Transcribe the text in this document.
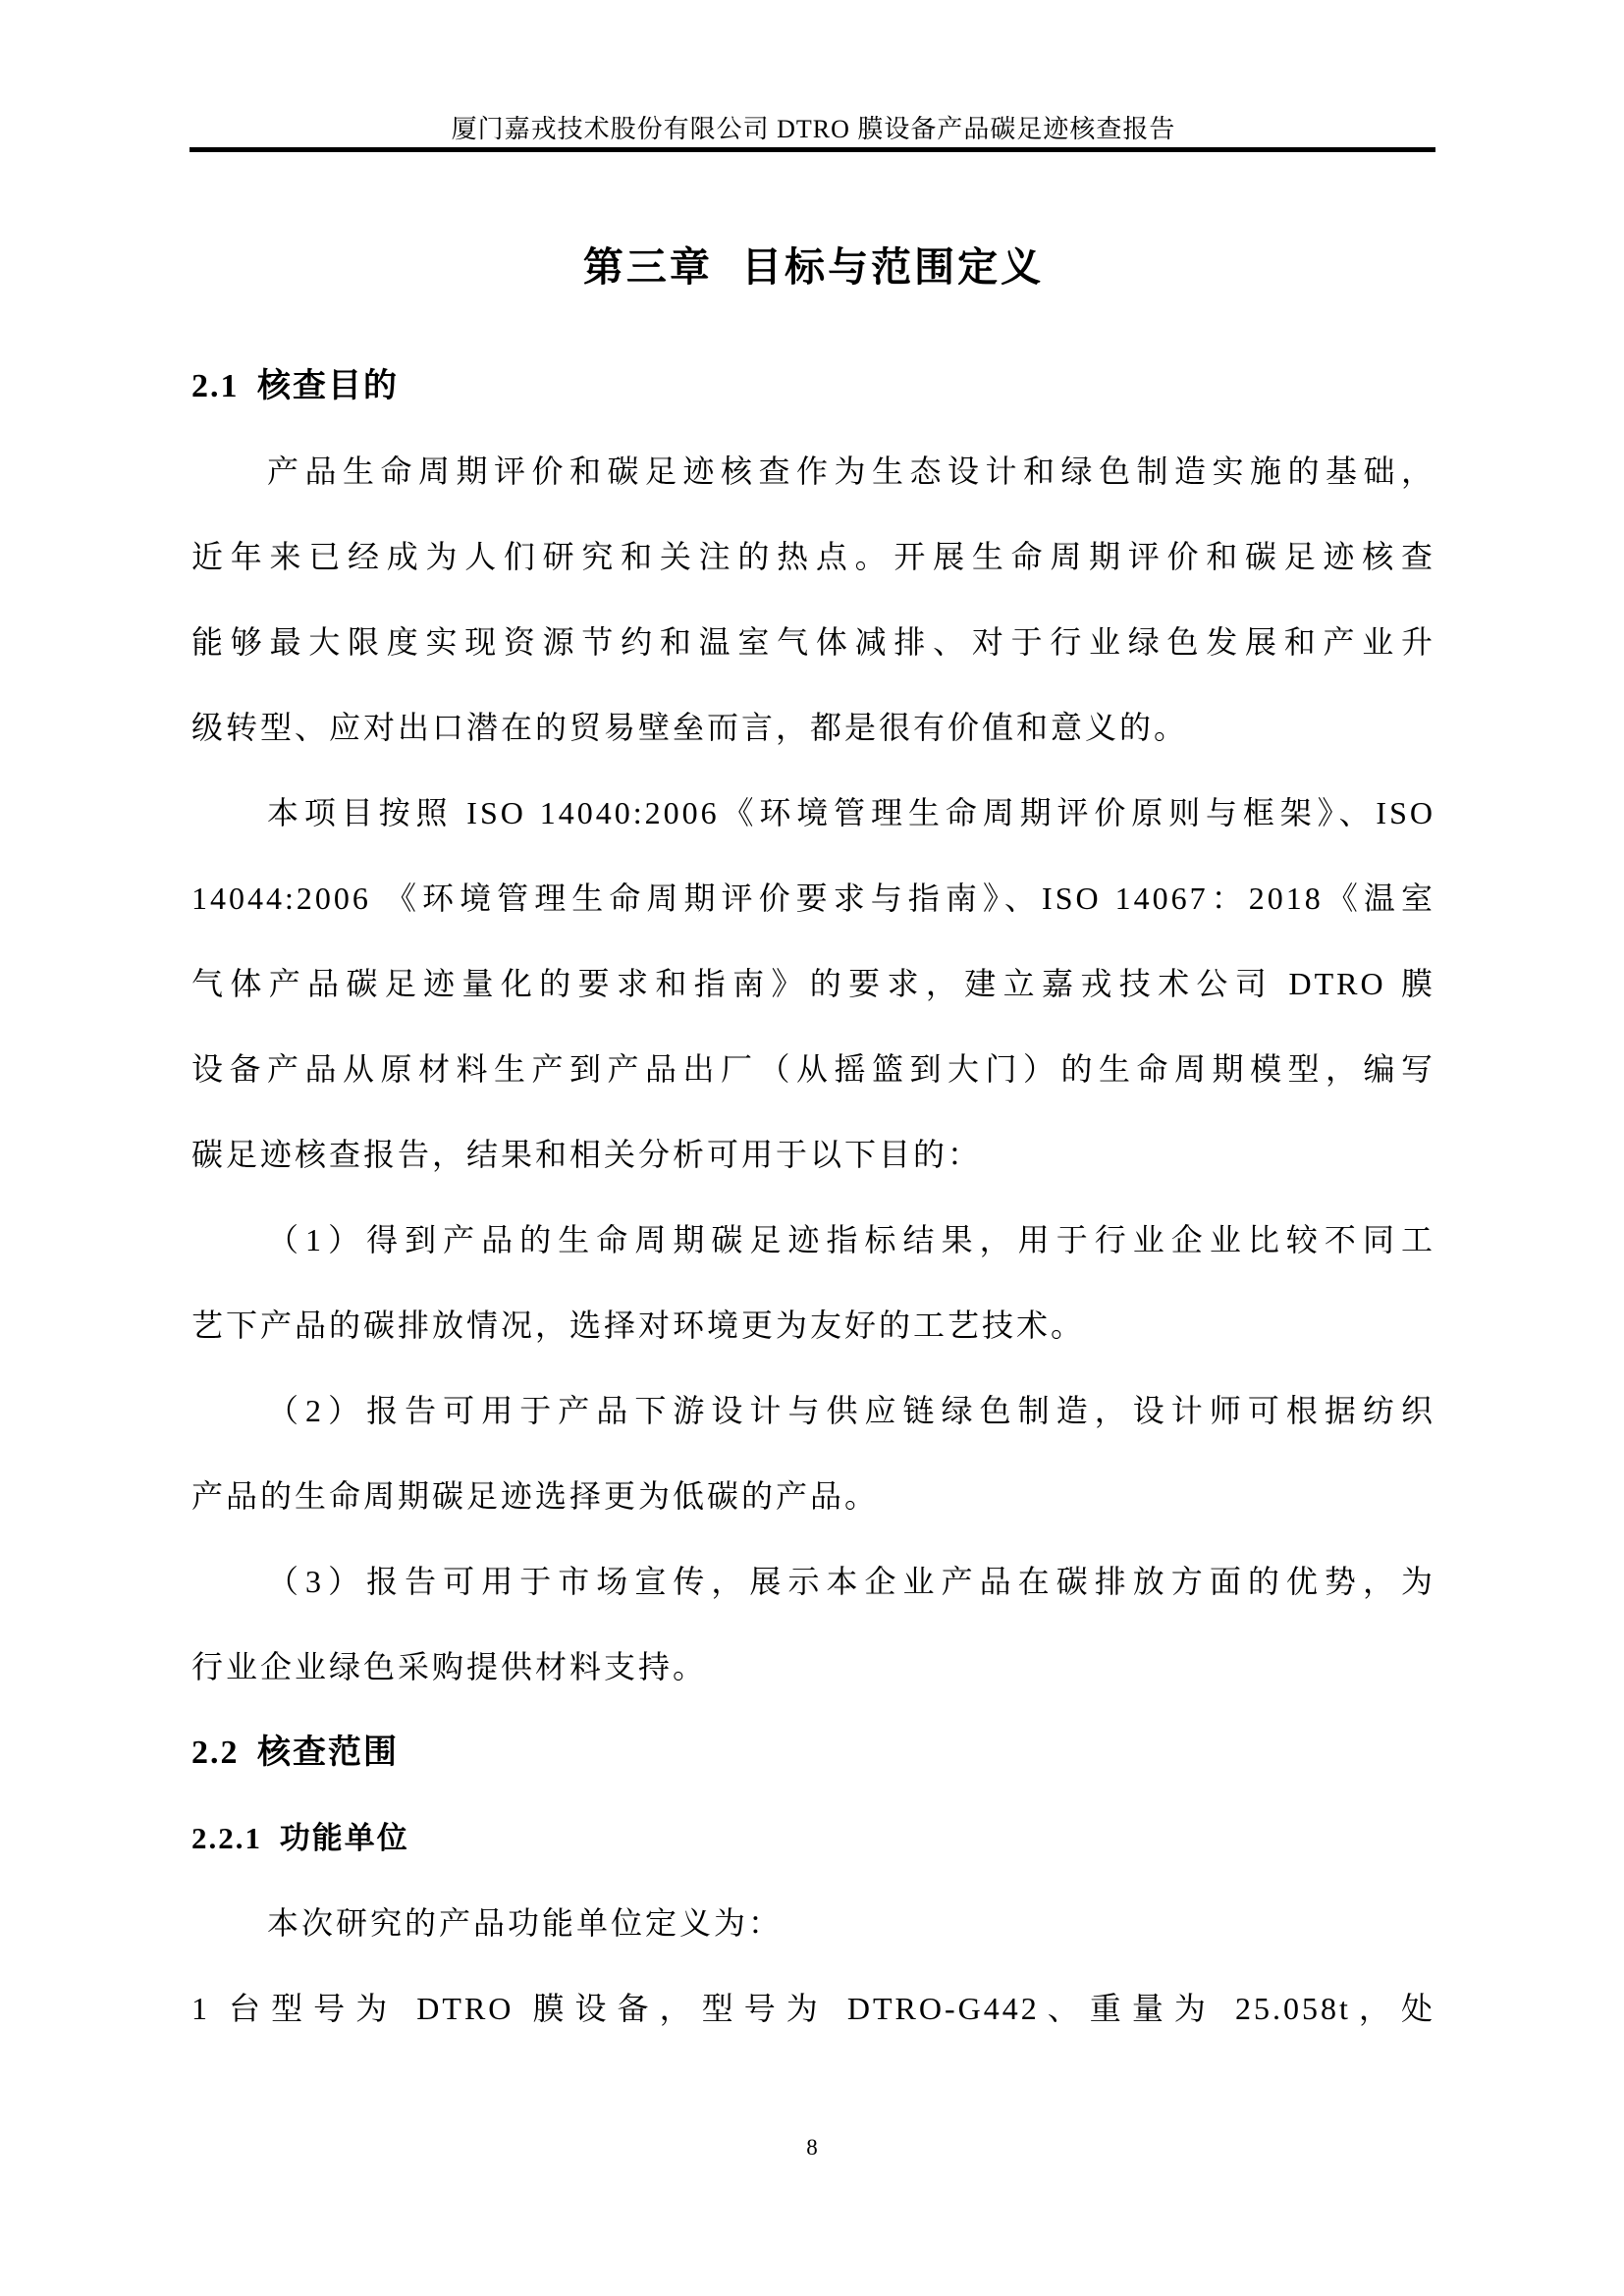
厦门嘉戎技术股份有限公司 DTRO 膜设备产品碳足迹核查报告
第三章 目标与范围定义
2.1 核查目的
产品生命周期评价和碳足迹核查作为生态设计和绿色制造实施的基础，
近年来已经成为人们研究和关注的热点。开展生命周期评价和碳足迹核查
能够最大限度实现资源节约和温室气体减排、对于行业绿色发展和产业升
级转型、应对出口潜在的贸易壁垒而言，都是很有价值和意义的。
本项目按照 ISO 14040:2006《环境管理生命周期评价原则与框架》、ISO
14044:2006 《环境管理生命周期评价要求与指南》、ISO 14067：2018《温室
气体产品碳足迹量化的要求和指南》的要求，建立嘉戎技术公司 DTRO 膜
设备产品从原材料生产到产品出厂（从摇篮到大门）的生命周期模型，编写
碳足迹核查报告，结果和相关分析可用于以下目的：
（1）得到产品的生命周期碳足迹指标结果，用于行业企业比较不同工
艺下产品的碳排放情况，选择对环境更为友好的工艺技术。
（2）报告可用于产品下游设计与供应链绿色制造，设计师可根据纺织
产品的生命周期碳足迹选择更为低碳的产品。
（3）报告可用于市场宣传，展示本企业产品在碳排放方面的优势，为
行业企业绿色采购提供材料支持。
2.2 核查范围
2.2.1 功能单位
本次研究的产品功能单位定义为：
1 台型号为 DTRO 膜设备，型号为 DTRO-G442、重量为 25.058t，处
8
